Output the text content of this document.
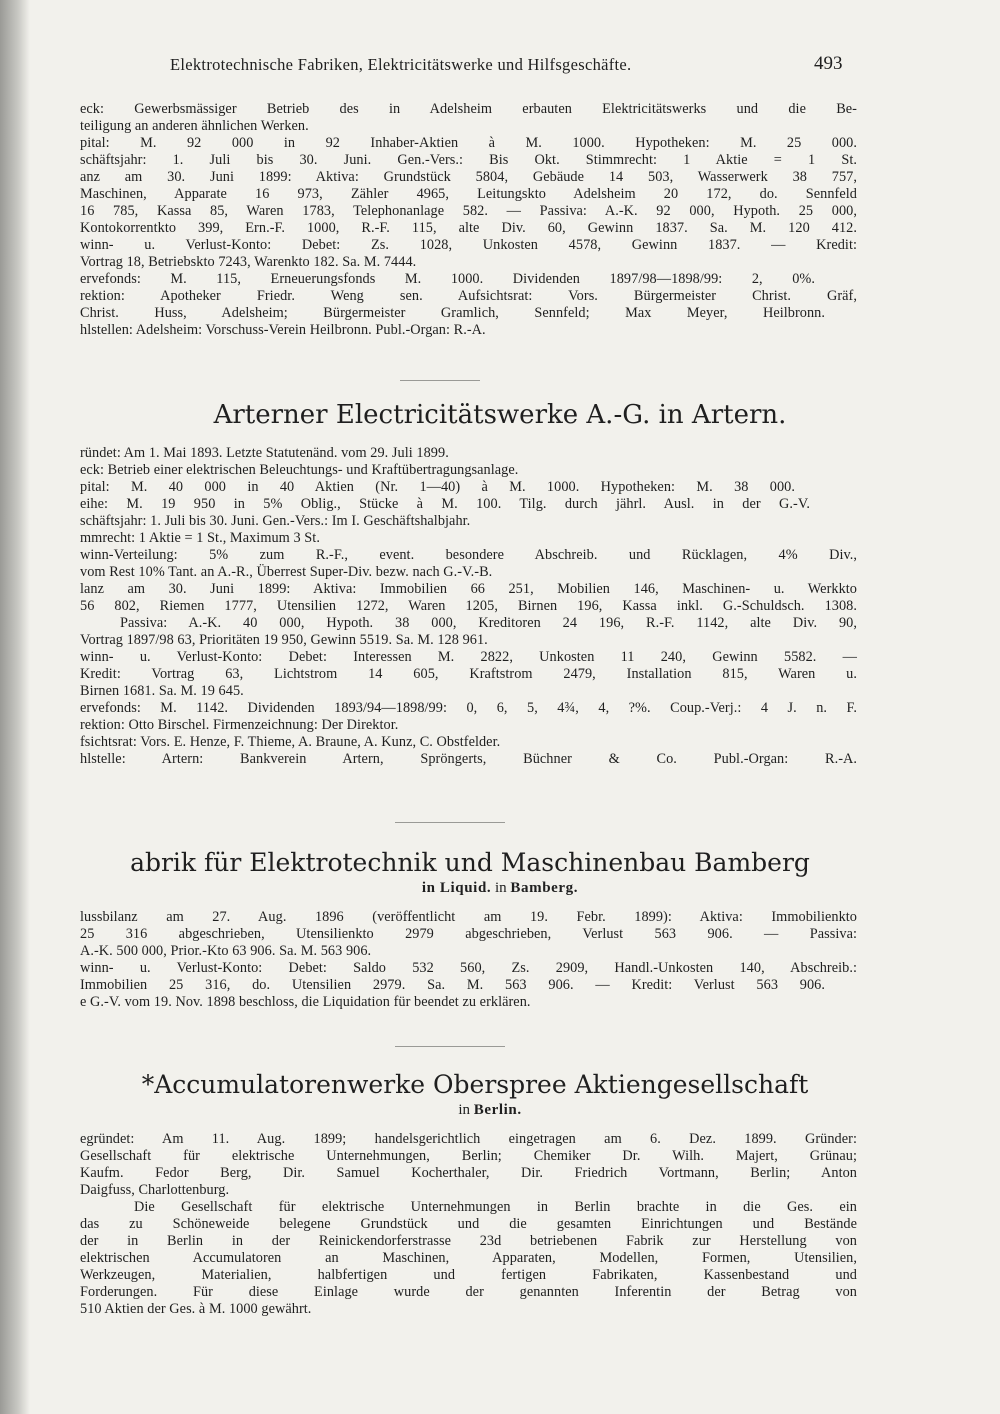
Elektrotechnische Fabriken, Elektricitätswerke und Hilfsgeschäfte.	493
eck: Gewerbsmässiger Betrieb des in Adelsheim erbauten Elektricitätswerks und die Be-
teiligung an anderen ähnlichen Werken.
pital: M. 92 000 in 92 Inhaber-Aktien à M. 1000. Hypotheken: M. 25 000.
schäftsjahr: 1. Juli bis 30. Juni. Gen.-Vers.: Bis Okt. Stimmrecht: 1 Aktie = 1 St.
anz am 30. Juni 1899: Aktiva: Grundstück 5804, Gebäude 14 503, Wasserwerk 38 757,
Maschinen, Apparate 16 973, Zähler 4965, Leitungskto Adelsheim 20 172, do. Sennfeld
16 785, Kassa 85, Waren 1783, Telephonanlage 582. — Passiva: A.-K. 92 000, Hypoth. 25 000,
Kontokorrentkto 399, Ern.-F. 1000, R.-F. 115, alte Div. 60, Gewinn 1837. Sa. M. 120 412.
winn- u. Verlust-Konto: Debet: Zs. 1028, Unkosten 4578, Gewinn 1837. — Kredit:
Vortrag 18, Betriebskto 7243, Warenkto 182. Sa. M. 7444.
ervefonds: M. 115, Erneuerungsfonds M. 1000. Dividenden 1897/98—1898/99: 2, 0%.
rektion: Apotheker Friedr. Weng sen. Aufsichtsrat: Vors. Bürgermeister Christ. Gräf,
Christ. Huss, Adelsheim; Bürgermeister Gramlich, Sennfeld; Max Meyer, Heilbronn.
hlstellen: Adelsheim: Vorschuss-Verein Heilbronn. Publ.-Organ: R.-A.
Arterner Electricitätswerke A.-G. in Artern.
ründet: Am 1. Mai 1893. Letzte Statutenänd. vom 29. Juli 1899.
eck: Betrieb einer elektrischen Beleuchtungs- und Kraftübertragungsanlage.
pital: M. 40 000 in 40 Aktien (Nr. 1—40) à M. 1000. Hypotheken: M. 38 000.
eihe: M. 19 950 in 5% Oblig., Stücke à M. 100. Tilg. durch jährl. Ausl. in der G.-V.
schäftsjahr: 1. Juli bis 30. Juni. Gen.-Vers.: Im I. Geschäftshalbjahr.
mmrecht: 1 Aktie = 1 St., Maximum 3 St.
winn-Verteilung: 5% zum R.-F., event. besondere Abschreib. und Rücklagen, 4% Div.,
vom Rest 10% Tant. an A.-R., Überrest Super-Div. bezw. nach G.-V.-B.
lanz am 30. Juni 1899: Aktiva: Immobilien 66 251, Mobilien 146, Maschinen- u. Werkkto
56 802, Riemen 1777, Utensilien 1272, Waren 1205, Birnen 196, Kassa inkl. G.-Schuldsch. 1308.
Passiva: A.-K. 40 000, Hypoth. 38 000, Kreditoren 24 196, R.-F. 1142, alte Div. 90,
Vortrag 1897/98 63, Prioritäten 19 950, Gewinn 5519. Sa. M. 128 961.
winn- u. Verlust-Konto: Debet: Interessen M. 2822, Unkosten 11 240, Gewinn 5582. —
Kredit: Vortrag 63, Lichtstrom 14 605, Kraftstrom 2479, Installation 815, Waren u.
Birnen 1681. Sa. M. 19 645.
ervefonds: M. 1142. Dividenden 1893/94—1898/99: 0, 6, 5, 4¾, 4, ?%. Coup.-Verj.: 4 J. n. F.
rektion: Otto Birschel. Firmenzeichnung: Der Direktor.
fsichtsrat: Vors. E. Henze, F. Thieme, A. Braune, A. Kunz, C. Obstfelder.
hlstelle: Artern: Bankverein Artern, Spröngerts, Büchner & Co. Publ.-Organ: R.-A.
abrik für Elektrotechnik und Maschinenbau Bamberg
in Liquid. in Bamberg.
lussbilanz am 27. Aug. 1896 (veröffentlicht am 19. Febr. 1899): Aktiva: Immobilienkto
25 316 abgeschrieben, Utensilienkto 2979 abgeschrieben, Verlust 563 906. — Passiva:
A.-K. 500 000, Prior.-Kto 63 906. Sa. M. 563 906.
winn- u. Verlust-Konto: Debet: Saldo 532 560, Zs. 2909, Handl.-Unkosten 140, Abschreib.:
Immobilien 25 316, do. Utensilien 2979. Sa. M. 563 906. — Kredit: Verlust 563 906.
e G.-V. vom 19. Nov. 1898 beschloss, die Liquidation für beendet zu erklären.
*Accumulatorenwerke Oberspree Aktiengesellschaft
in Berlin.
egründet: Am 11. Aug. 1899; handelsgerichtlich eingetragen am 6. Dez. 1899. Gründer:
Gesellschaft für elektrische Unternehmungen, Berlin; Chemiker Dr. Wilh. Majert, Grünau;
Kaufm. Fedor Berg, Dir. Samuel Kocherthaler, Dir. Friedrich Vortmann, Berlin; Anton
Daigfuss, Charlottenburg.
Die Gesellschaft für elektrische Unternehmungen in Berlin brachte in die Ges. ein
das zu Schöneweide belegene Grundstück und die gesamten Einrichtungen und Bestände
der in Berlin in der Reinickendorferstrasse 23d betriebenen Fabrik zur Herstellung von
elektrischen Accumulatoren an Maschinen, Apparaten, Modellen, Formen, Utensilien,
Werkzeugen, Materialien, halbfertigen und fertigen Fabrikaten, Kassenbestand und
Forderungen. Für diese Einlage wurde der genannten Inferentin der Betrag von
510 Aktien der Ges. à M. 1000 gewährt.
